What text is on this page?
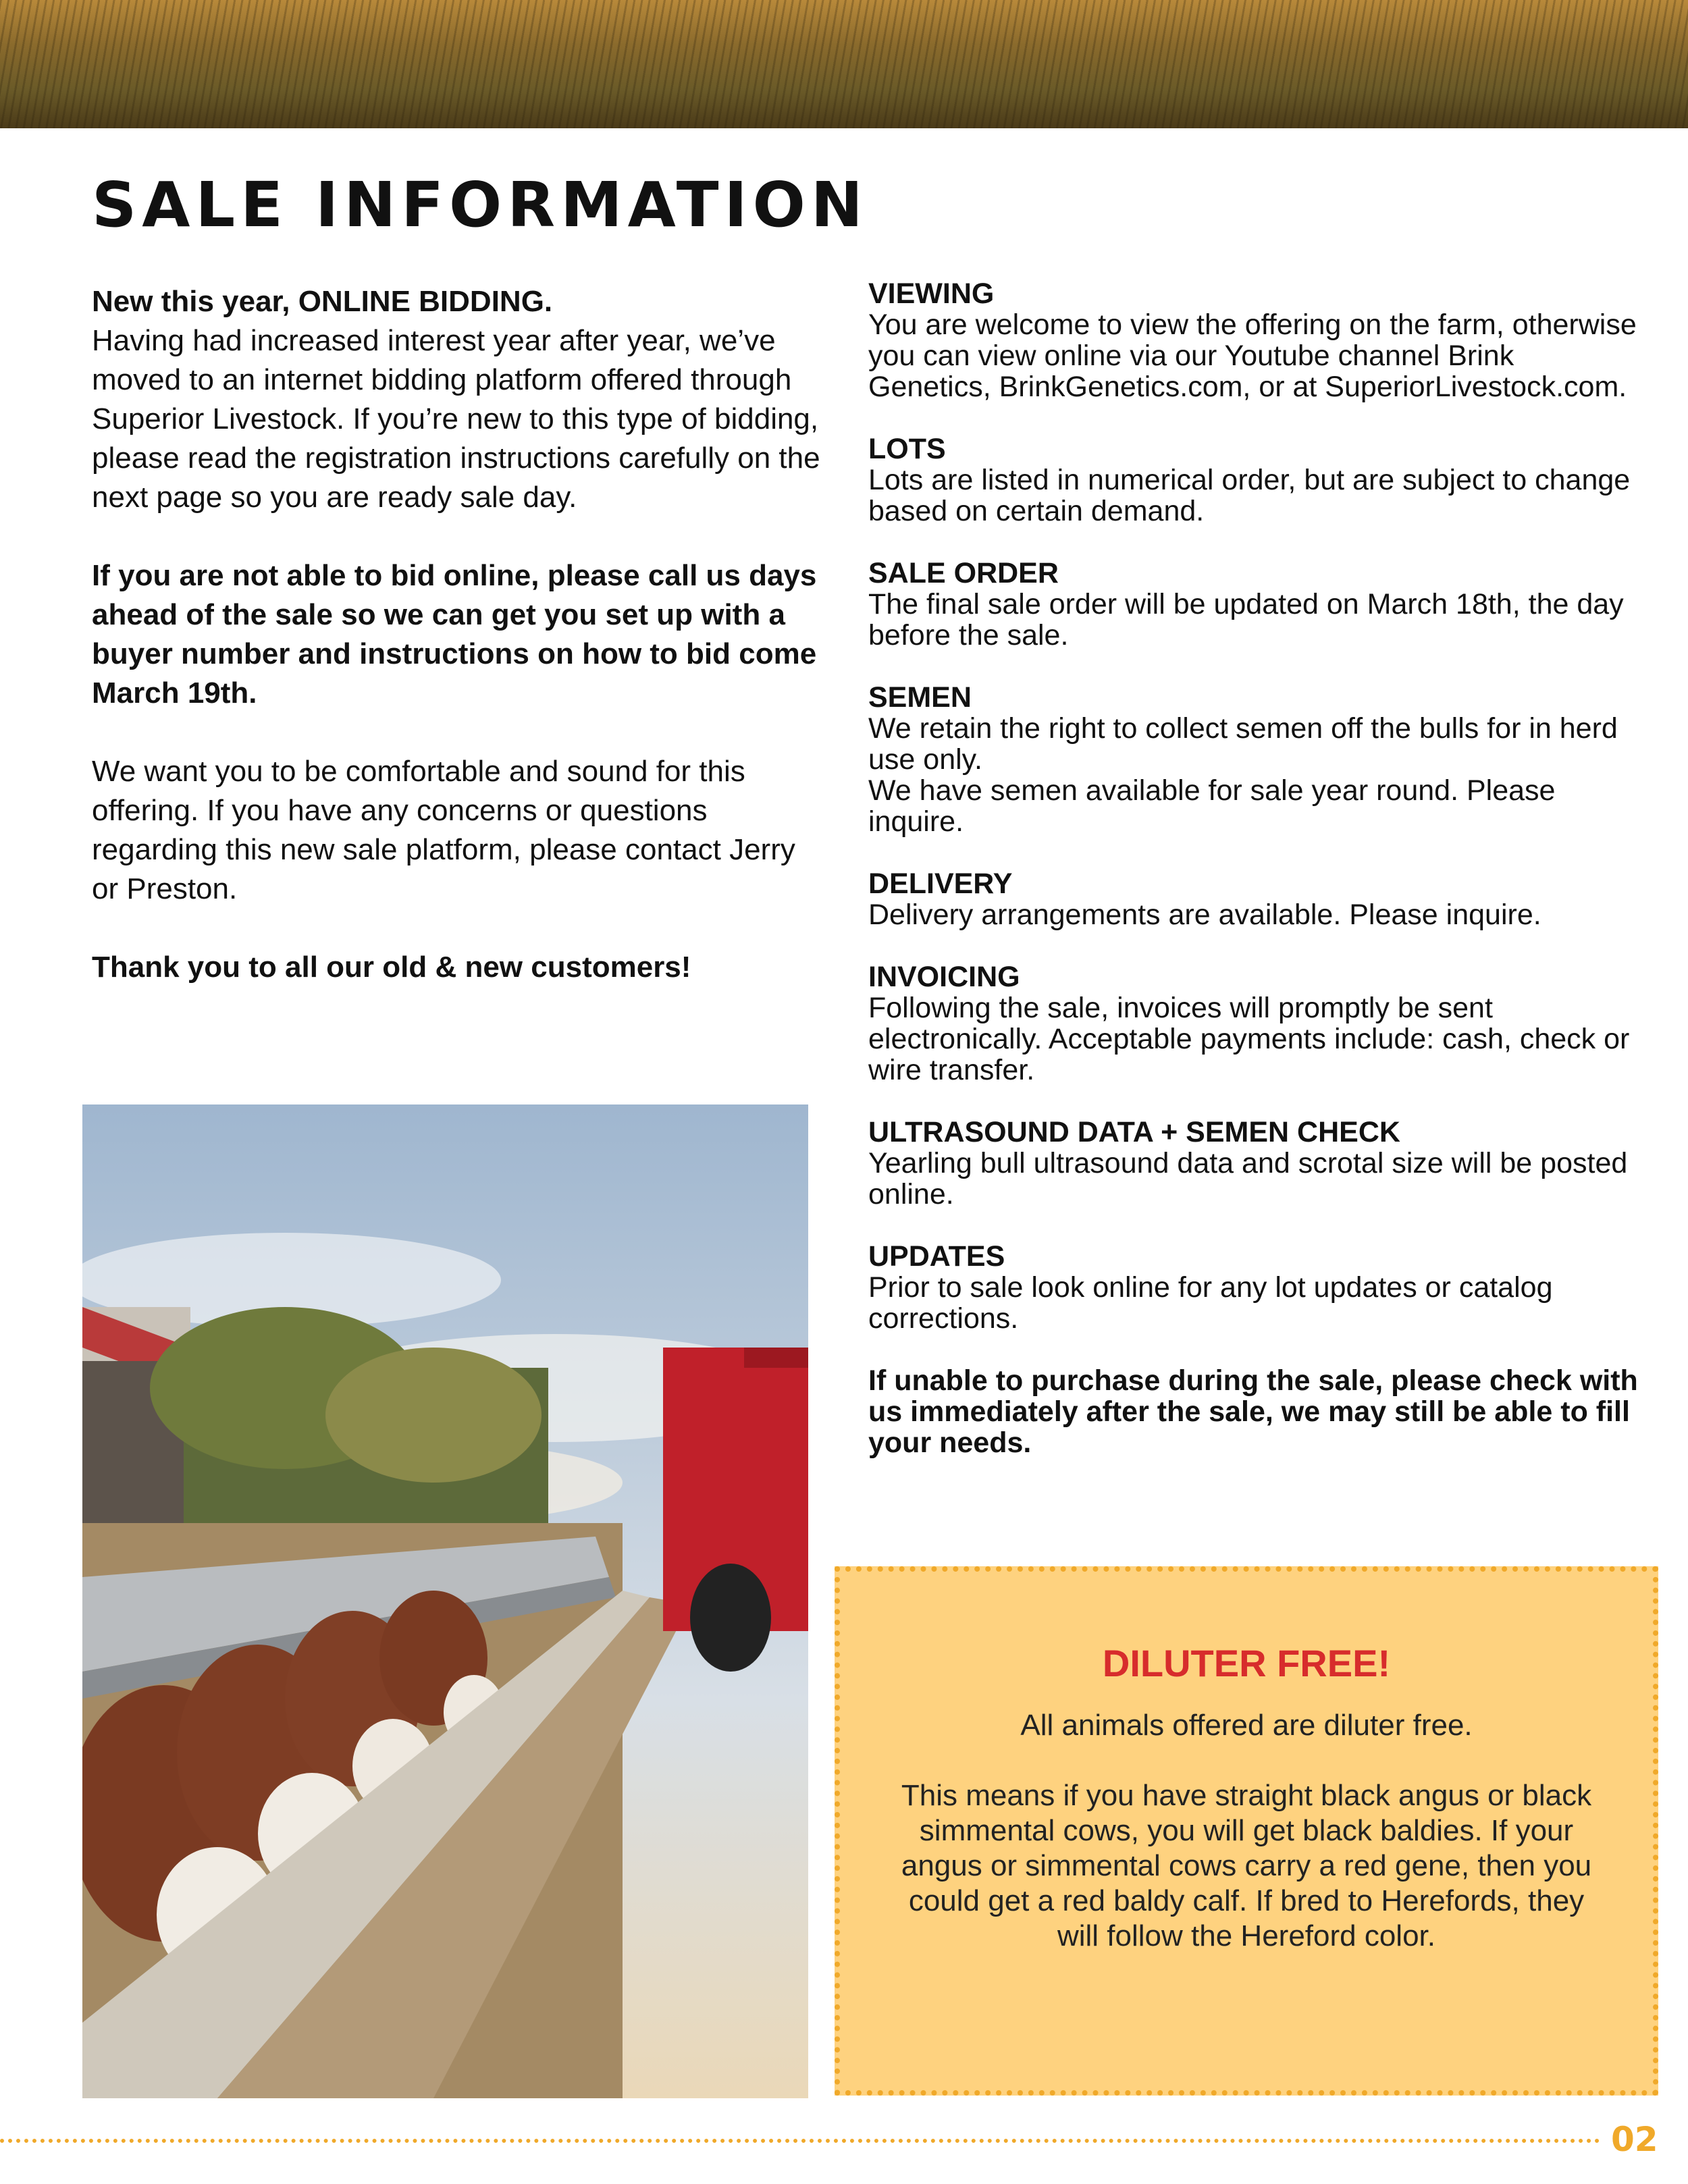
SALE INFORMATION

New this year, ONLINE BIDDING.

Having had increased interest year after year, we’ve moved to an internet bidding platform offered through Superior Livestock. If you’re new to this type of bidding, please read the registration instructions carefully on the next page so you are ready sale day.

If you are not able to bid online, please call us days ahead of the sale so we can get you set up with a buyer number and instructions on how to bid come March 19th.

We want you to be comfortable and sound for this offering. If you have any concerns or questions regarding this new sale platform, please contact Jerry or Preston.

Thank you to all our old & new customers!

VIEWING

You are welcome to view the offering on the farm, otherwise you can view online via our Youtube channel Brink Genetics, BrinkGenetics.com, or at SuperiorLivestock.com.

LOTS

Lots are listed in numerical order, but are subject to change based on certain demand.

SALE ORDER

The final sale order will be updated on March 18th, the day before the sale.

SEMEN

We retain the right to collect semen off the bulls for in herd use only.

We have semen available for sale year round. Please inquire.

DELIVERY

Delivery arrangements are available. Please inquire.

INVOICING

Following the sale, invoices will promptly be sent electronically. Acceptable payments include: cash, check or wire transfer.

ULTRASOUND DATA + SEMEN CHECK

Yearling bull ultrasound data and scrotal size will be posted online.

UPDATES

Prior to sale look online for any lot updates or catalog corrections.

If unable to purchase during the sale, please check with us immediately after the sale, we may still be able to fill your needs.

DILUTER FREE!

All animals offered are diluter free.

This means if you have straight black angus or black simmental cows, you will get black baldies. If your angus or simmental cows carry a red gene, then you could get a red baldy calf. If bred to Herefords, they will follow the Hereford color.

02
